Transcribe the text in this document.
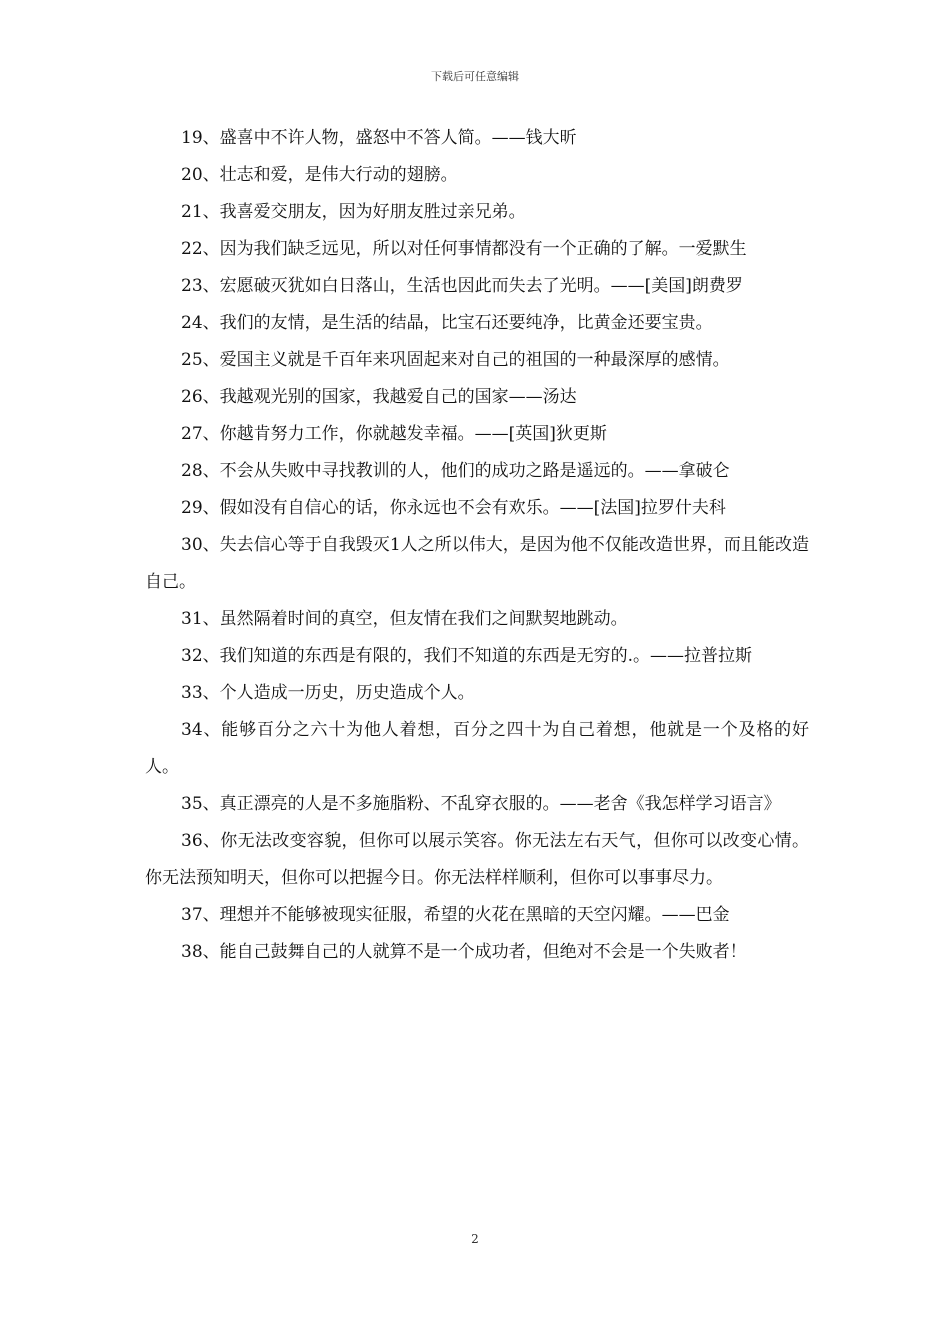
下载后可任意编辑

19、盛喜中不许人物，盛怒中不答人简。——钱大昕

20、壮志和爱，是伟大行动的翅膀。

21、我喜爱交朋友，因为好朋友胜过亲兄弟。

22、因为我们缺乏远见，所以对任何事情都没有一个正确的了解。一爱默生

23、宏愿破灭犹如白日落山，生活也因此而失去了光明。——[美国]朗费罗

24、我们的友情，是生活的结晶，比宝石还要纯净，比黄金还要宝贵。

25、爱国主义就是千百年来巩固起来对自己的祖国的一种最深厚的感情。

26、我越观光别的国家，我越爱自己的国家——汤达

27、你越肯努力工作，你就越发幸福。——[英国]狄更斯

28、不会从失败中寻找教训的人，他们的成功之路是遥远的。——拿破仑

29、假如没有自信心的话，你永远也不会有欢乐。——[法国]拉罗什夫科

30、失去信心等于自我毁灭1人之所以伟大，是因为他不仅能改造世界，而且能改造自己。

31、虽然隔着时间的真空，但友情在我们之间默契地跳动。

32、我们知道的东西是有限的，我们不知道的东西是无穷的.。——拉普拉斯

33、个人造成一历史，历史造成个人。

34、能够百分之六十为他人着想，百分之四十为自己着想，他就是一个及格的好人。

35、真正漂亮的人是不多施脂粉、不乱穿衣服的。——老舍《我怎样学习语言》

36、你无法改变容貌，但你可以展示笑容。你无法左右天气，但你可以改变心情。你无法预知明天，但你可以把握今日。你无法样样顺利，但你可以事事尽力。

37、理想并不能够被现实征服，希望的火花在黑暗的天空闪耀。——巴金

38、能自己鼓舞自己的人就算不是一个成功者，但绝对不会是一个失败者！

2
